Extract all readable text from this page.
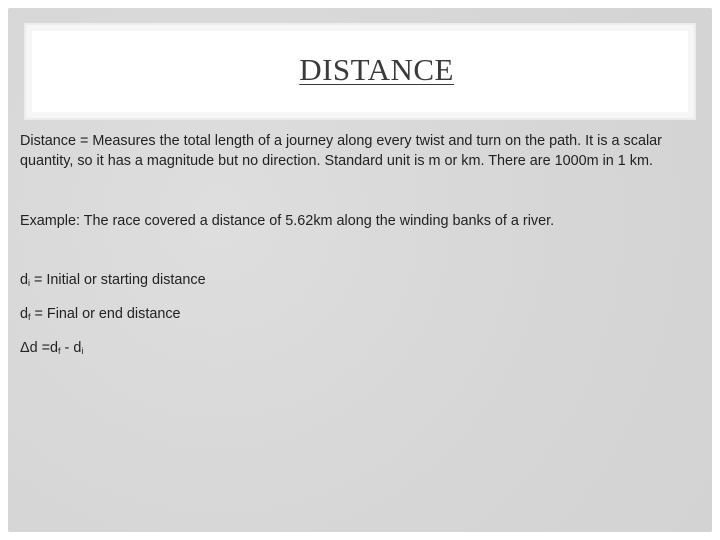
DISTANCE

Distance = Measures the total length of a journey along every twist and turn on the path. It is a scalar quantity, so it has a magnitude but no direction. Standard unit is m or km. There are 1000m in 1 km.

Example: The race covered a distance of 5.62km along the winding banks of a river.

$d_i$ = Initial or starting distance

$d_f$ = Final or end distance

$\Delta d =d_f - d_i$
